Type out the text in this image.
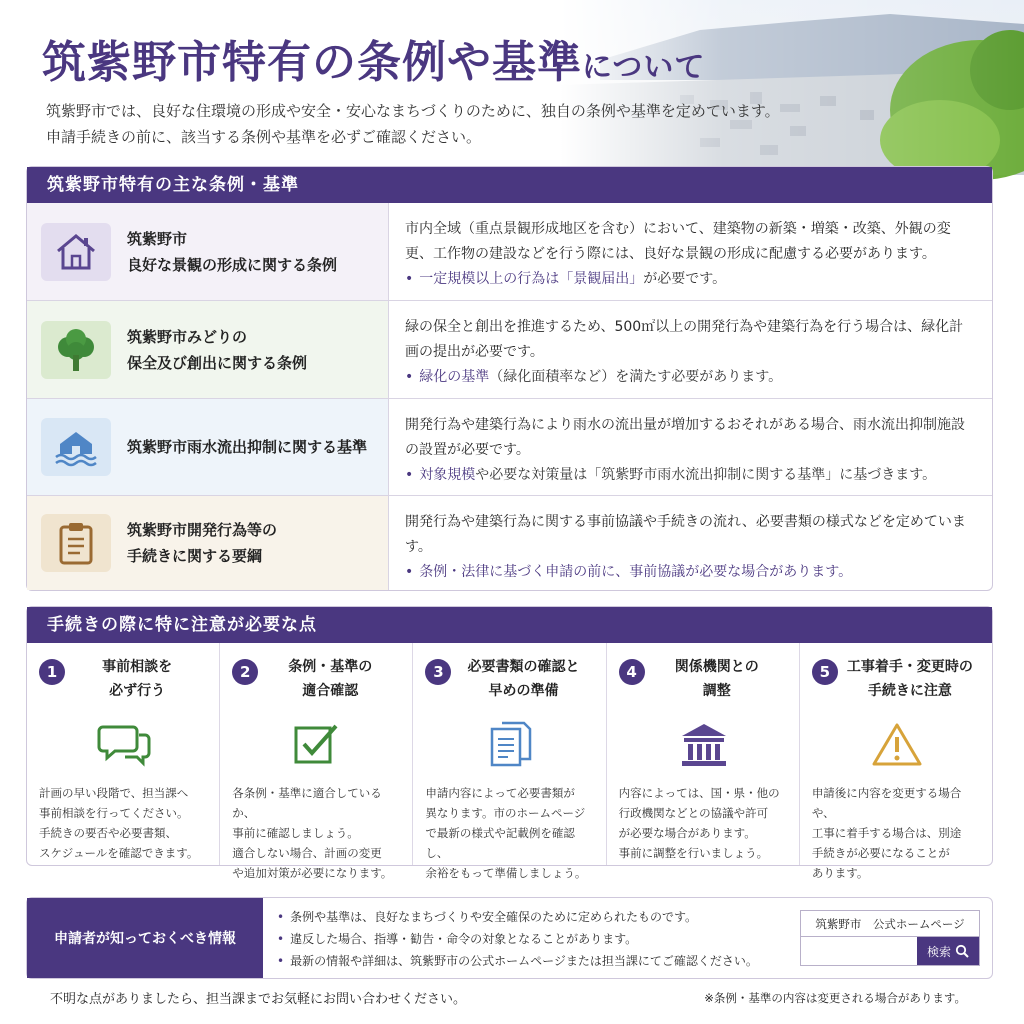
筑紫野市特有の条例や基準について
筑紫野市では、良好な住環境の形成や安全・安心なまちづくりのために、独自の条例や基準を定めています。
申請手続きの前に、該当する条例や基準を必ずご確認ください。
筑紫野市特有の主な条例・基準
筑紫野市
良好な景観の形成に関する条例
市内全域（重点景観形成地区を含む）において、建築物の新築・増築・改築、外観の変更、工作物の建設などを行う際には、良好な景観の形成に配慮する必要があります。
• 一定規模以上の行為は「景観届出」が必要です。
筑紫野市みどりの
保全及び創出に関する条例
緑の保全と創出を推進するため、500㎡以上の開発行為や建築行為を行う場合は、緑化計画の提出が必要です。
• 緑化の基準（緑化面積率など）を満たす必要があります。
筑紫野市雨水流出抑制に関する基準
開発行為や建築行為により雨水の流出量が増加するおそれがある場合、雨水流出抑制施設の設置が必要です。
• 対象規模や必要な対策量は「筑紫野市雨水流出抑制に関する基準」に基づきます。
筑紫野市開発行為等の
手続きに関する要綱
開発行為や建築行為に関する事前協議や手続きの流れ、必要書類の様式などを定めています。
• 条例・法律に基づく申請の前に、事前協議が必要な場合があります。
手続きの際に特に注意が必要な点
1	事前相談を
必ず行う
計画の早い段階で、担当課へ
事前相談を行ってください。
手続きの要否や必要書類、
スケジュールを確認できます。
2	条例・基準の
適合確認
各条例・基準に適合しているか、
事前に確認しましょう。
適合しない場合、計画の変更
や追加対策が必要になります。
3	必要書類の確認と
早めの準備
申請内容によって必要書類が
異なります。市のホームページ
で最新の様式や記載例を確認し、
余裕をもって準備しましょう。
4	関係機関との
調整
内容によっては、国・県・他の
行政機関などとの協議や許可
が必要な場合があります。
事前に調整を行いましょう。
5	工事着手・変更時の
手続きに注意
申請後に内容を変更する場合や、
工事に着手する場合は、別途
手続きが必要になることが
あります。
申請者が知っておくべき情報
• 条例や基準は、良好なまちづくりや安全確保のために定められたものです。
• 違反した場合、指導・勧告・命令の対象となることがあります。
• 最新の情報や詳細は、筑紫野市の公式ホームページまたは担当課にてご確認ください。
筑紫野市　公式ホームページ
検索
不明な点がありましたら、担当課までお気軽にお問い合わせください。	※条例・基準の内容は変更される場合があります。
